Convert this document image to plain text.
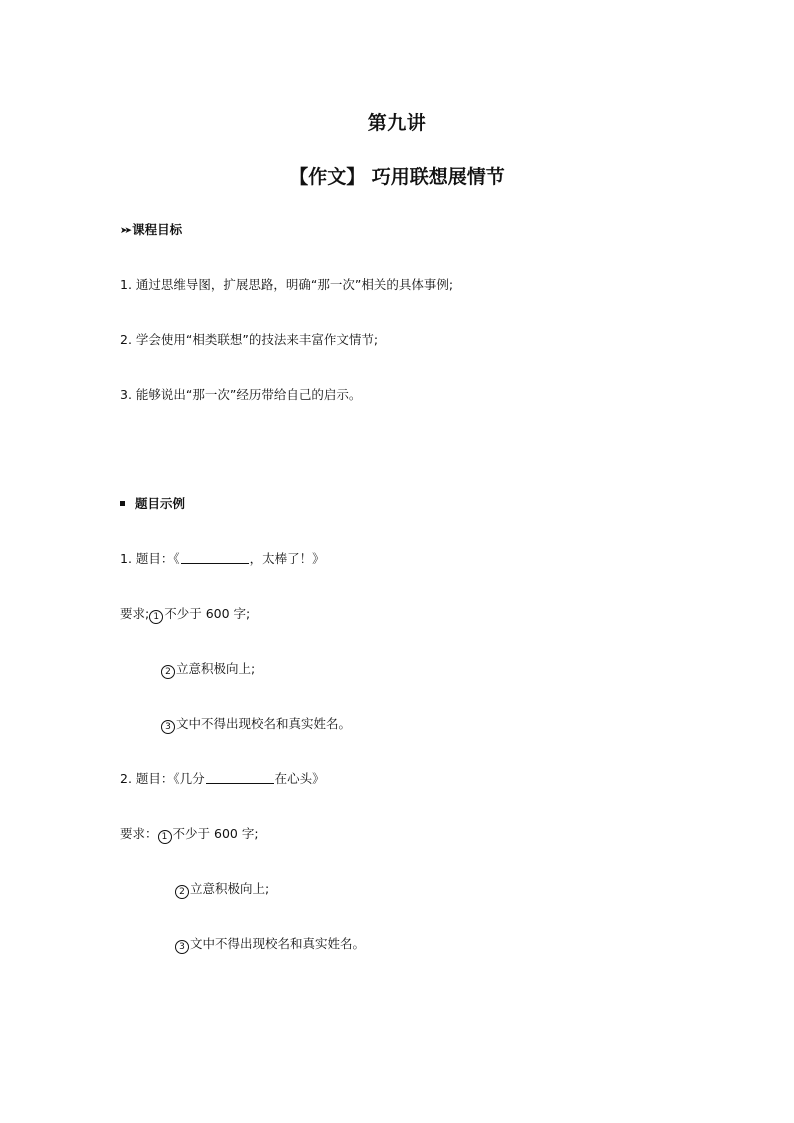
第九讲
【作文】 巧用联想展情节
➤➤ 课程目标
1. 通过思维导图，扩展思路，明确“那一次”相关的具体事例;
2. 学会使用“相类联想”的技法来丰富作文情节;
3. 能够说出“那一次”经历带给自己的启示。
题目示例
1. 题目：《	，太棒了！》
要求; 1 不少于 600 字;
2 立意积极向上;
3 文中不得出现校名和真实姓名。
2. 题目：《几分	在心头》
要求： 1 不少于 600 字;
2 立意积极向上;
3 文中不得出现校名和真实姓名。
